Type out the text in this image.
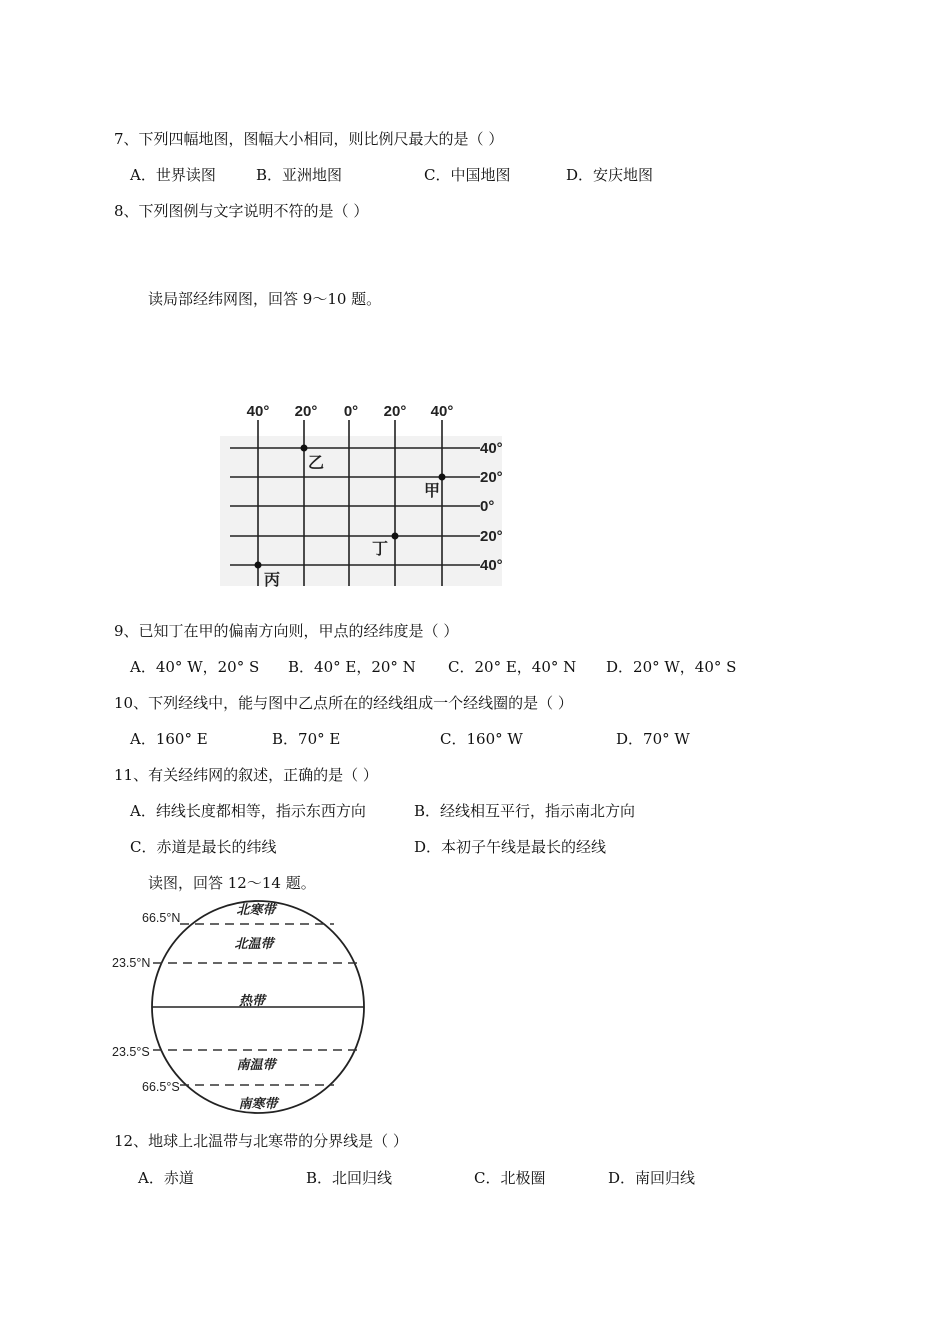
7、下列四幅地图，图幅大小相同，则比例尺最大的是（ ）
A．世界读图	B．亚洲地图	C．中国地图	D．安庆地图
8、下列图例与文字说明不符的是（ ）
读局部经纬网图，回答 9～10 题。
40° 20° 0° 20° 40°
40°
20°
0°
20°
40°
乙
甲
丁
丙
9、已知丁在甲的偏南方向则，甲点的经纬度是（ ）
A．40° W，20° S B．40° E，20° N C．20° E，40° N D．20° W，40° S
10、下列经线中，能与图中乙点所在的经线组成一个经线圈的是（ ）
A．160° E	B．70° E	C．160° W	D．70° W
11、有关经纬网的叙述，正确的是（ ）
A．纬线长度都相等，指示东西方向	B．经线相互平行，指示南北方向
C．赤道是最长的纬线	D．本初子午线是最长的经线
读图，回答 12～14 题。
66.5°N
23.5°N
23.5°S
66.5°S
北寒带
北温带
热带
南温带
南寒带
12、地球上北温带与北寒带的分界线是（ ）
A．赤道	B．北回归线	C．北极圈	D．南回归线
